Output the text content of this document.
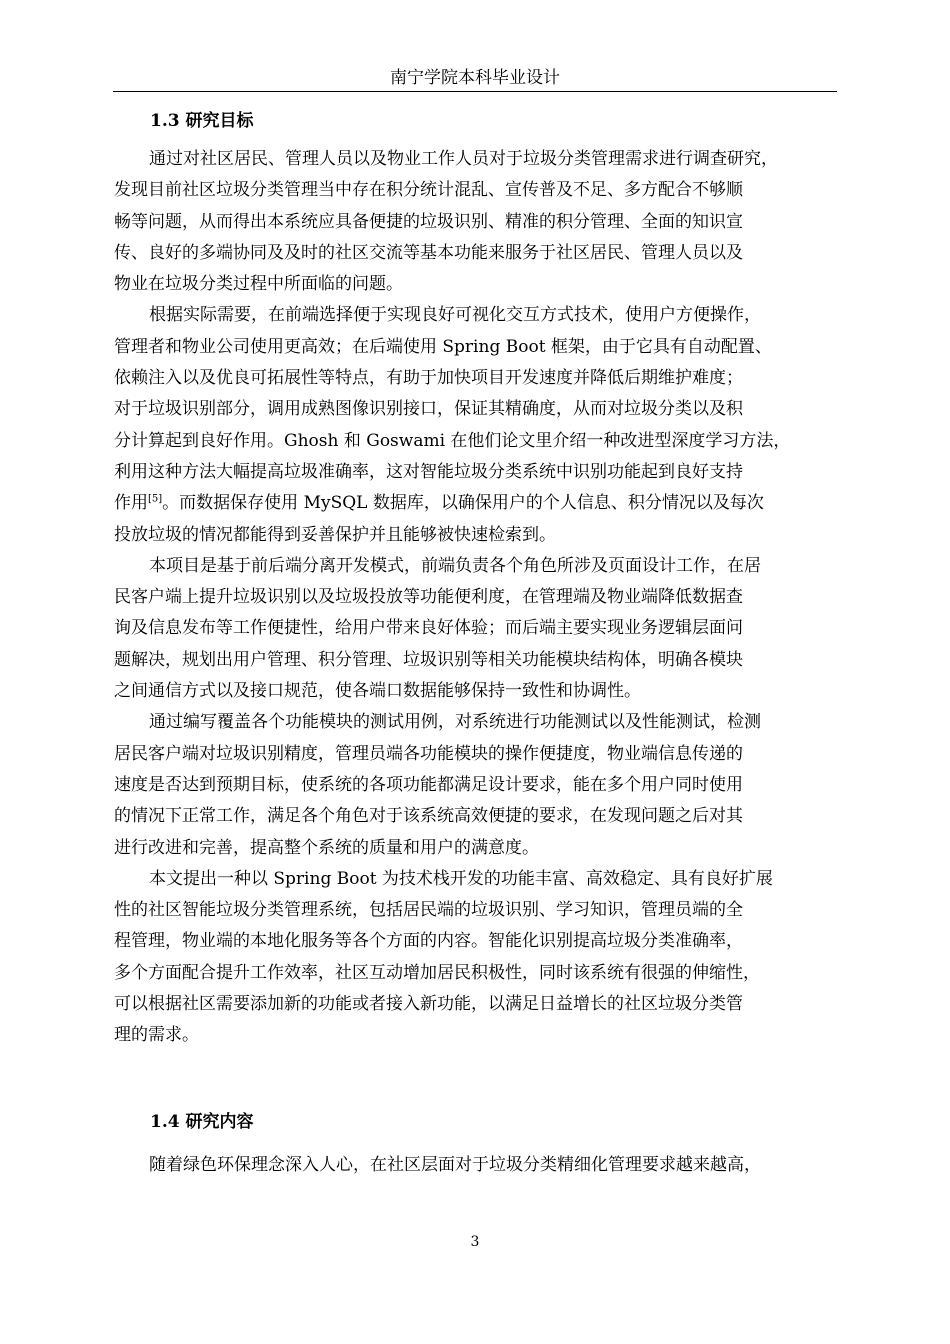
南宁学院本科毕业设计
1.3 研究目标

通过对社区居民、管理人员以及物业工作人员对于垃圾分类管理需求进行调查研究，
发现目前社区垃圾分类管理当中存在积分统计混乱、宣传普及不足、多方配合不够顺
畅等问题，从而得出本系统应具备便捷的垃圾识别、精准的积分管理、全面的知识宣
传、良好的多端协同及及时的社区交流等基本功能来服务于社区居民、管理人员以及
物业在垃圾分类过程中所面临的问题。

根据实际需要，在前端选择便于实现良好可视化交互方式技术，使用户方便操作，
管理者和物业公司使用更高效；在后端使用 Spring Boot 框架，由于它具有自动配置、
依赖注入以及优良可拓展性等特点，有助于加快项目开发速度并降低后期维护难度；
对于垃圾识别部分，调用成熟图像识别接口，保证其精确度，从而对垃圾分类以及积
分计算起到良好作用。Ghosh 和 Goswami 在他们论文里介绍一种改进型深度学习方法，
利用这种方法大幅提高垃圾准确率，这对智能垃圾分类系统中识别功能起到良好支持
作用[5]。而数据保存使用 MySQL 数据库，以确保用户的个人信息、积分情况以及每次
投放垃圾的情况都能得到妥善保护并且能够被快速检索到。

本项目是基于前后端分离开发模式，前端负责各个角色所涉及页面设计工作，在居
民客户端上提升垃圾识别以及垃圾投放等功能便利度，在管理端及物业端降低数据查
询及信息发布等工作便捷性，给用户带来良好体验；而后端主要实现业务逻辑层面问
题解决，规划出用户管理、积分管理、垃圾识别等相关功能模块结构体，明确各模块
之间通信方式以及接口规范，使各端口数据能够保持一致性和协调性。

通过编写覆盖各个功能模块的测试用例，对系统进行功能测试以及性能测试，检测
居民客户端对垃圾识别精度，管理员端各功能模块的操作便捷度，物业端信息传递的
速度是否达到预期目标，使系统的各项功能都满足设计要求，能在多个用户同时使用
的情况下正常工作，满足各个角色对于该系统高效便捷的要求，在发现问题之后对其
进行改进和完善，提高整个系统的质量和用户的满意度。

本文提出一种以 Spring Boot 为技术栈开发的功能丰富、高效稳定、具有良好扩展
性的社区智能垃圾分类管理系统，包括居民端的垃圾识别、学习知识，管理员端的全
程管理，物业端的本地化服务等各个方面的内容。智能化识别提高垃圾分类准确率，
多个方面配合提升工作效率，社区互动增加居民积极性，同时该系统有很强的伸缩性，
可以根据社区需要添加新的功能或者接入新功能，以满足日益增长的社区垃圾分类管
理的需求。

1.4 研究内容

随着绿色环保理念深入人心，在社区层面对于垃圾分类精细化管理要求越来越高，

3
